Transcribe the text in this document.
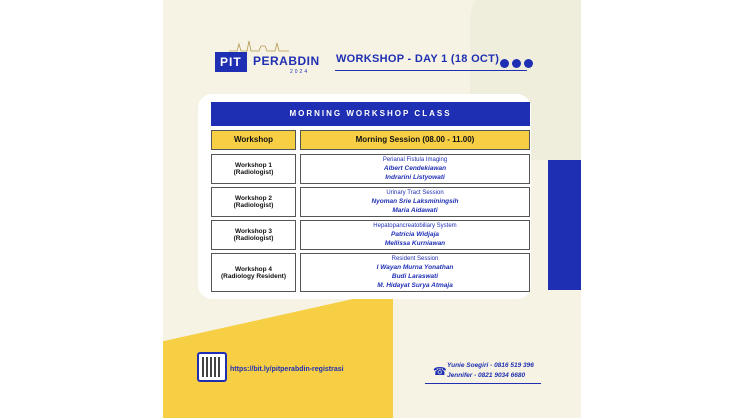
PIT PERABDIN
2024
WORKSHOP - DAY 1 (18 OCT)
MORNING WORKSHOP CLASS
Workshop	Morning Session (08.00 - 11.00)
Workshop 1
(Radiologist)
Perianal Fistula Imaging
Albert Cendekiawan
Indrarini Listyowati
Workshop 2
(Radiologist)
Urinary Tract Session
Nyoman Srie Laksminingsih
Maria Aidawati
Workshop 3
(Radiologist)
Hepatopancreatobiliary System
Patricia Widjaja
Mellissa Kurniawan
Workshop 4
(Radiology Resident)
Resident Session
I Wayan Murna Yonathan
Budi Laraswati
M. Hidayat Surya Atmaja
https://bit.ly/pitperabdin-registrasi	☎
Yunie Soegiri - 0816 519 396
Jennifer - 0821 9034 6680
